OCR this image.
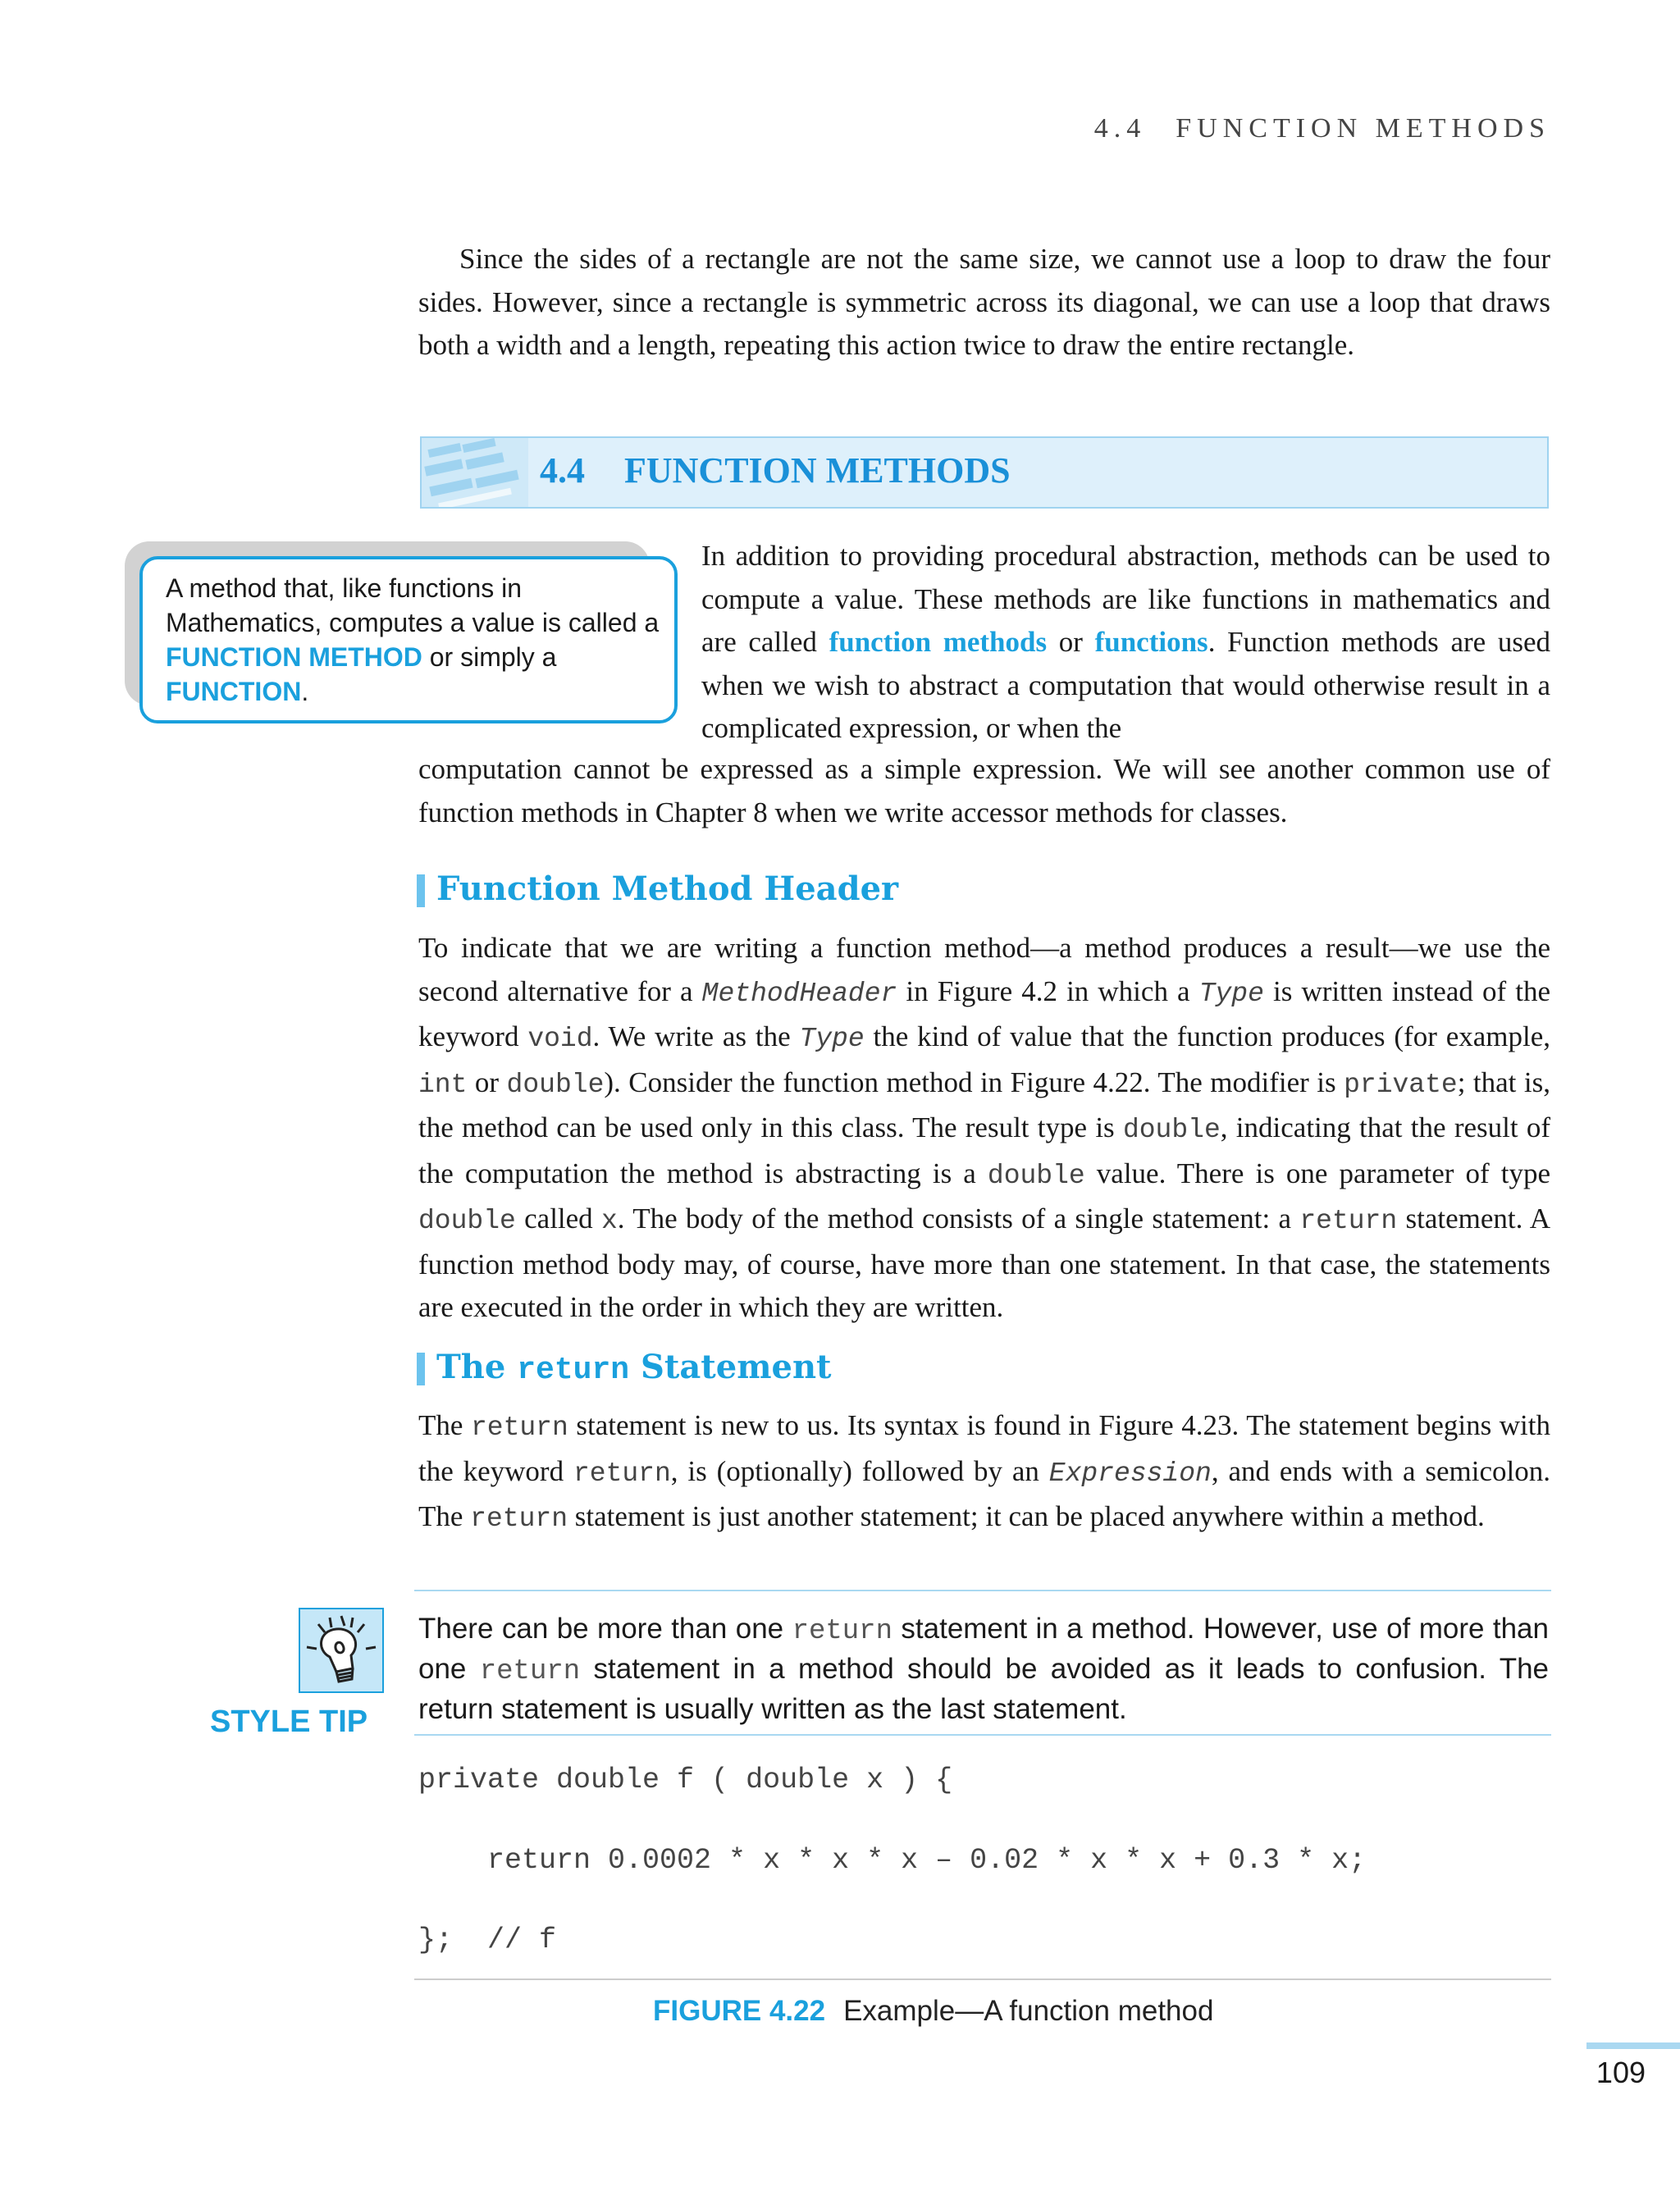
4.4 FUNCTION METHODS

Since the sides of a rectangle are not the same size, we cannot use a loop to draw the four sides. However, since a rectangle is symmetric across its diagonal, we can use a loop that draws both a width and a length, repeating this action twice to draw the entire rectangle.

4.4 FUNCTION METHODS
A method that, like functions in Mathematics, computes a value is called a FUNCTION METHOD or simply a FUNCTION.

In addition to providing procedural abstraction, methods can be used to compute a value. These methods are like functions in mathematics and are called function methods or functions. Function methods are used when we wish to abstract a computation that would otherwise result in a complicated expression, or when the

computation cannot be expressed as a simple expression. We will see another common use of function methods in Chapter 8 when we write accessor methods for classes.

Function Method Header

To indicate that we are writing a function method—a method produces a result—we use the second alternative for a MethodHeader in Figure 4.2 in which a Type is written instead of the keyword void. We write as the Type the kind of value that the function produces (for example, int or double). Consider the function method in Figure 4.22. The modifier is private; that is, the method can be used only in this class. The result type is double, indicating that the result of the computation the method is abstracting is a double value. There is one parameter of type double called x. The body of the method consists of a single statement: a return statement. A function method body may, of course, have more than one statement. In that case, the statements are executed in the order in which they are written.

The return Statement

The return statement is new to us. Its syntax is found in Figure 4.23. The statement begins with the keyword return, is (optionally) followed by an Expression, and ends with a semicolon. The return statement is just another statement; it can be placed anywhere within a method.

STYLE TIP

There can be more than one return statement in a method. However, use of more than one return statement in a method should be avoided as it leads to confusion. The return statement is usually written as the last statement.

private double f ( double x ) {
return 0.0002 * x * x * x – 0.02 * x * x + 0.3 * x;
};  // f
FIGURE 4.22 Example—A function method
109
